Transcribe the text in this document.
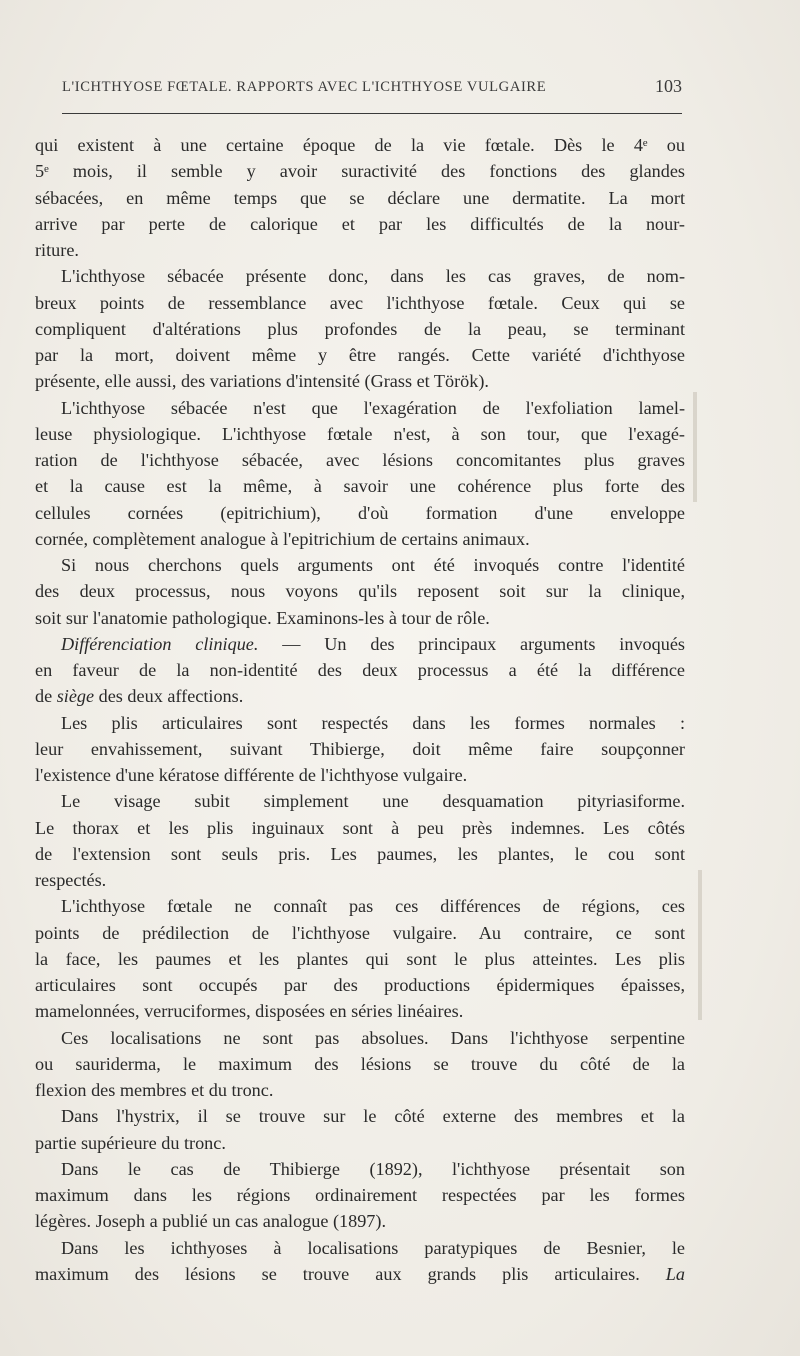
L'ICHTHYOSE FŒTALE. RAPPORTS AVEC L'ICHTHYOSE VULGAIRE	103
qui existent à une certaine époque de la vie fœtale. Dès le 4ᵉ ou
5ᵉ mois, il semble y avoir suractivité des fonctions des glandes
sébacées, en même temps que se déclare une dermatite. La mort
arrive par perte de calorique et par les difficultés de la nour-
riture.
L'ichthyose sébacée présente donc, dans les cas graves, de nom-
breux points de ressemblance avec l'ichthyose fœtale. Ceux qui se
compliquent d'altérations plus profondes de la peau, se terminant
par la mort, doivent même y être rangés. Cette variété d'ichthyose
présente, elle aussi, des variations d'intensité (Grass et Török).
L'ichthyose sébacée n'est que l'exagération de l'exfoliation lamel-
leuse physiologique. L'ichthyose fœtale n'est, à son tour, que l'exagé-
ration de l'ichthyose sébacée, avec lésions concomitantes plus graves
et la cause est la même, à savoir une cohérence plus forte des
cellules cornées (epitrichium), d'où formation d'une enveloppe
cornée, complètement analogue à l'epitrichium de certains animaux.
Si nous cherchons quels arguments ont été invoqués contre l'identité
des deux processus, nous voyons qu'ils reposent soit sur la clinique,
soit sur l'anatomie pathologique. Examinons-les à tour de rôle.
Différenciation clinique. — Un des principaux arguments invoqués
en faveur de la non-identité des deux processus a été la différence
de siège des deux affections.
Les plis articulaires sont respectés dans les formes normales :
leur envahissement, suivant Thibierge, doit même faire soupçonner
l'existence d'une kératose différente de l'ichthyose vulgaire.
Le visage subit simplement une desquamation pityriasiforme.
Le thorax et les plis inguinaux sont à peu près indemnes. Les côtés
de l'extension sont seuls pris. Les paumes, les plantes, le cou sont
respectés.
L'ichthyose fœtale ne connaît pas ces différences de régions, ces
points de prédilection de l'ichthyose vulgaire. Au contraire, ce sont
la face, les paumes et les plantes qui sont le plus atteintes. Les plis
articulaires sont occupés par des productions épidermiques épaisses,
mamelonnées, verruciformes, disposées en séries linéaires.
Ces localisations ne sont pas absolues. Dans l'ichthyose serpentine
ou sauriderma, le maximum des lésions se trouve du côté de la
flexion des membres et du tronc.
Dans l'hystrix, il se trouve sur le côté externe des membres et la
partie supérieure du tronc.
Dans le cas de Thibierge (1892), l'ichthyose présentait son
maximum dans les régions ordinairement respectées par les formes
légères. Joseph a publié un cas analogue (1897).
Dans les ichthyoses à localisations paratypiques de Besnier, le
maximum des lésions se trouve aux grands plis articulaires. La
